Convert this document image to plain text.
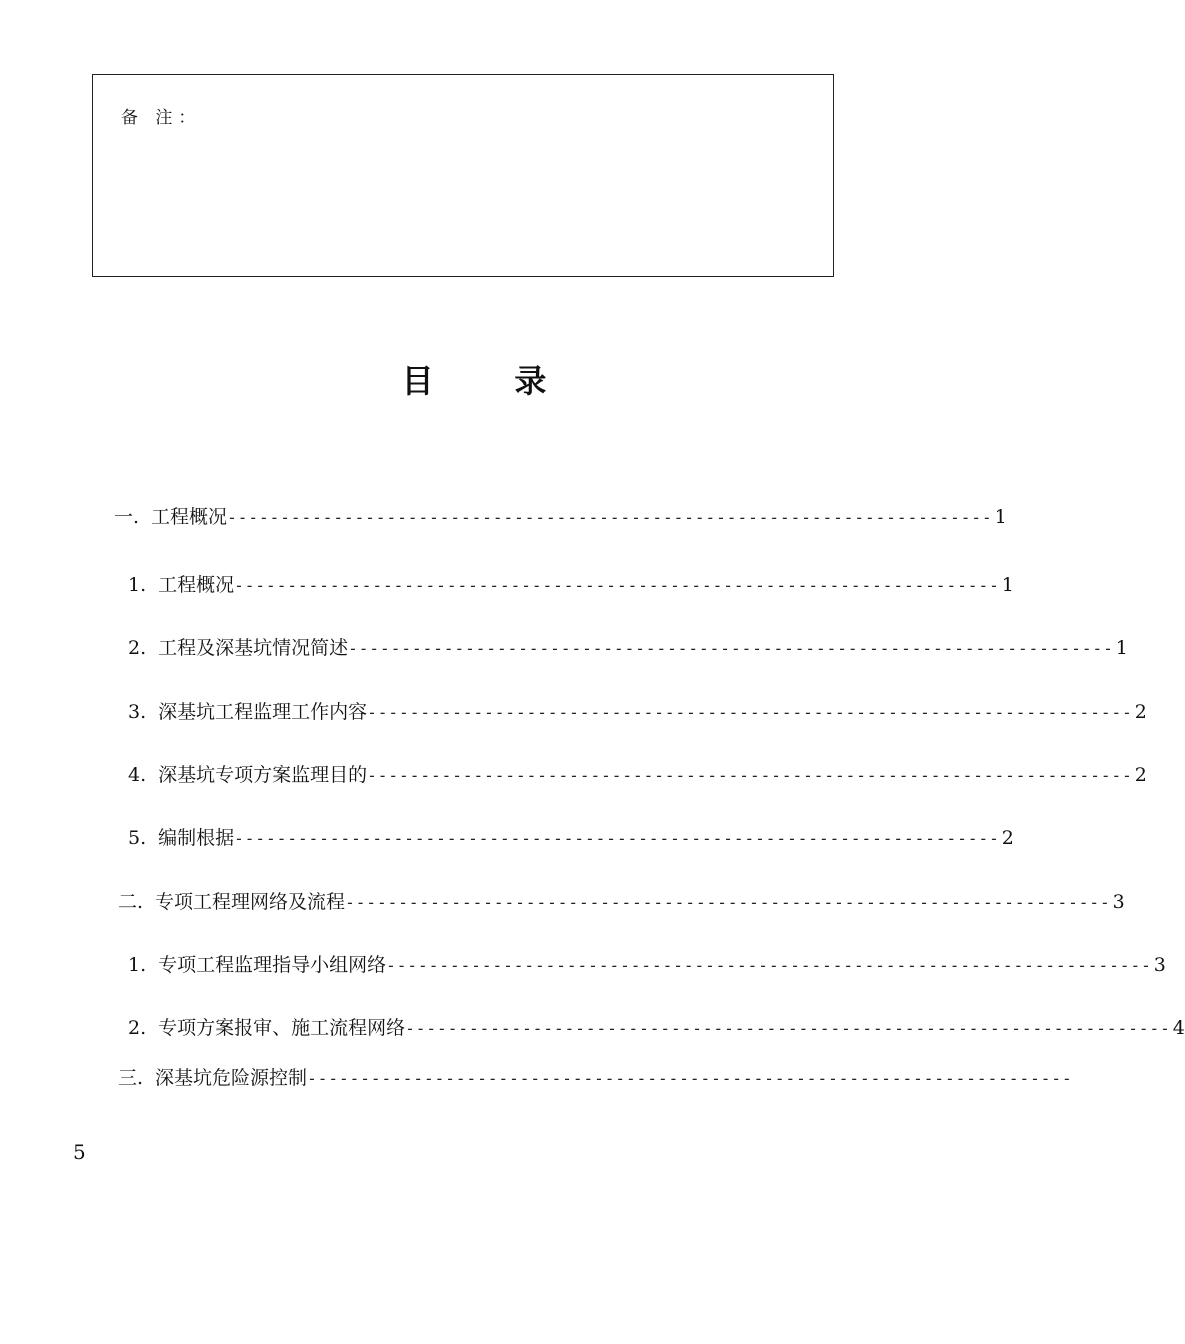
备 注：
目      录
一. 工程概况 ------------------------------------------------------------------------ 1
1. 工程概况 ------------------------------------------------------------------------ 1
2. 工程及深基坑情况简述 ------------------------------------------------------------------------ 1
3. 深基坑工程监理工作内容 ------------------------------------------------------------------------ 2
4. 深基坑专项方案监理目的 ------------------------------------------------------------------------ 2
5. 编制根据 ------------------------------------------------------------------------ 2
二. 专项工程理网络及流程 ------------------------------------------------------------------------ 3
1. 专项工程监理指导小组网络 ------------------------------------------------------------------------ 3
2. 专项方案报审、施工流程网络 ------------------------------------------------------------------------ 4
三. 深基坑危险源控制 ------------------------------------------------------------------------
5
